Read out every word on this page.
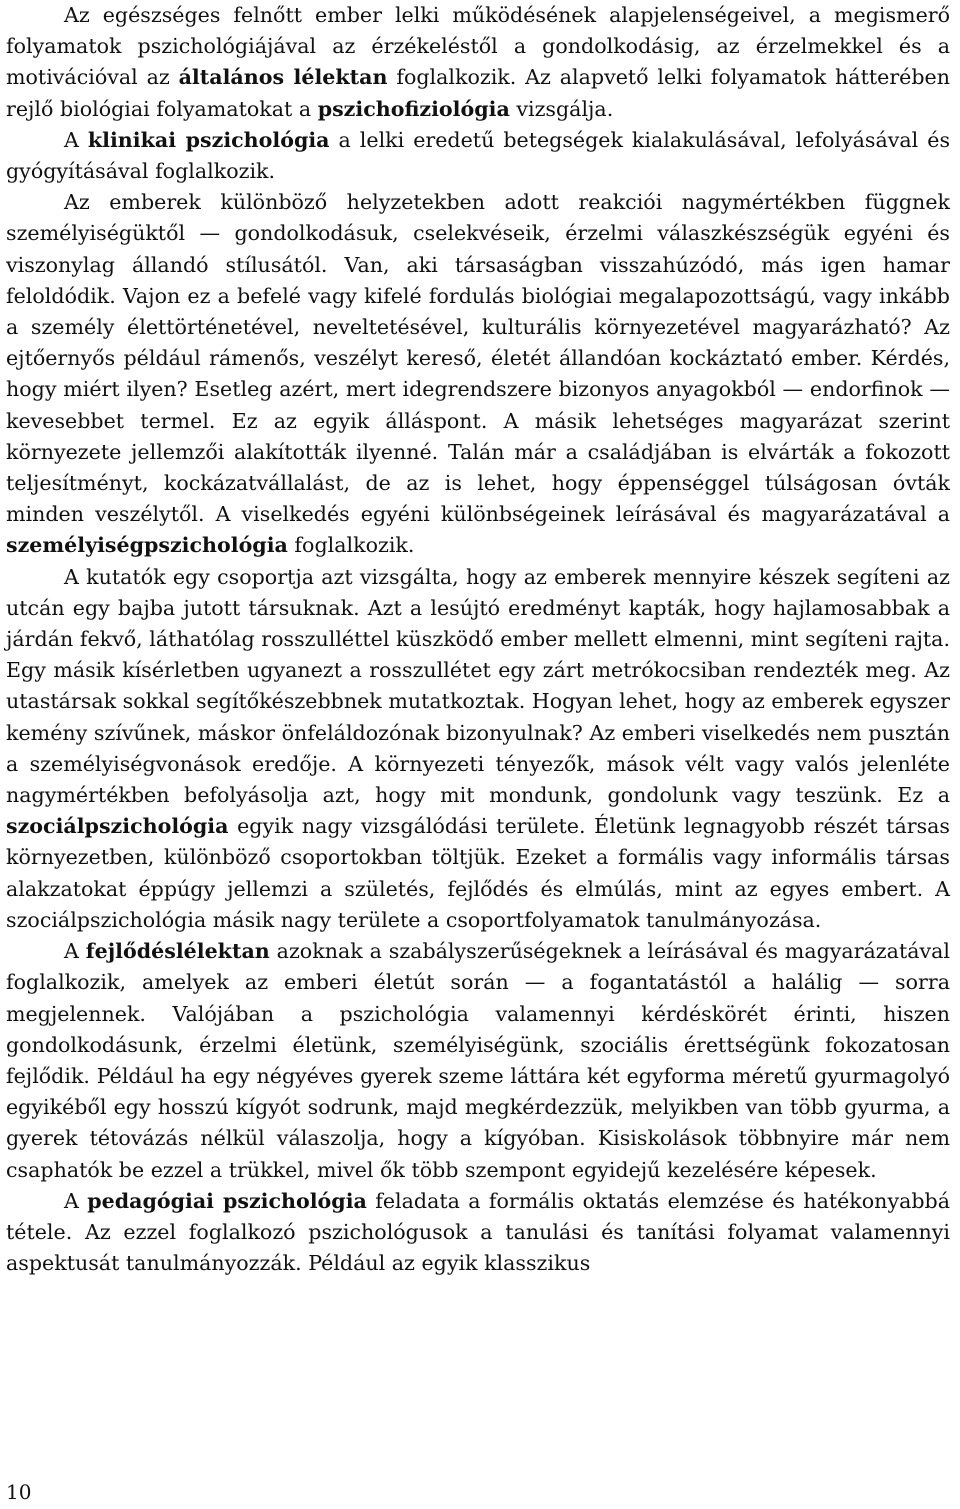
Az egészséges felnőtt ember lelki működésének alapjelenségeivel, a megismerő folyamatok pszichológiájával az érzékeléstől a gondolkodásig, az érzelmekkel és a motivációval az általános lélektan foglalkozik. Az alapvető lelki folyamatok hátterében rejlő biológiai folyamatokat a pszichofiziológia vizsgálja.

A klinikai pszichológia a lelki eredetű betegségek kialakulásával, lefolyásával és gyógyításával foglalkozik.

Az emberek különböző helyzetekben adott reakciói nagymértékben függnek személyiségüktől — gondolkodásuk, cselekvéseik, érzelmi válaszkészségük egyéni és viszonylag állandó stílusától. Van, aki társaságban visszahúzódó, más igen hamar feloldódik. Vajon ez a befelé vagy kifelé fordulás biológiai megalapozottságú, vagy inkább a személy élettörténetével, neveltetésével, kulturális környezetével magyarázható? Az ejtőernyős például rámenős, veszélyt kereső, életét állandóan kockáztató ember. Kérdés, hogy miért ilyen? Esetleg azért, mert idegrendszere bizonyos anyagokból — endorfinok — kevesebbet termel. Ez az egyik álláspont. A másik lehetséges magyarázat szerint környezete jellemzői alakították ilyenné. Talán már a családjában is elvárták a fokozott teljesítményt, kockázatvállalást, de az is lehet, hogy éppenséggel túlságosan óvták minden veszélytől. A viselkedés egyéni különbségeinek leírásával és magyarázatával a személyiségpszichológia foglalkozik.

A kutatók egy csoportja azt vizsgálta, hogy az emberek mennyire készek segíteni az utcán egy bajba jutott társuknak. Azt a lesújtó eredményt kapták, hogy hajlamosabbak a járdán fekvő, láthatólag rosszulléttel küszködő ember mellett elmenni, mint segíteni rajta. Egy másik kísérletben ugyanezt a rosszullétet egy zárt metrókocsiban rendezték meg. Az utastársak sokkal segítőkészebbnek mutatkoztak. Hogyan lehet, hogy az emberek egyszer kemény szívűnek, máskor önfeláldozónak bizonyulnak? Az emberi viselkedés nem pusztán a személyiségvonások eredője. A környezeti tényezők, mások vélt vagy valós jelenléte nagymértékben befolyásolja azt, hogy mit mondunk, gondolunk vagy teszünk. Ez a szociálpszichológia egyik nagy vizsgálódási területe. Életünk legnagyobb részét társas környezetben, különböző csoportokban töltjük. Ezeket a formális vagy informális társas alakzatokat éppúgy jellemzi a születés, fejlődés és elmúlás, mint az egyes embert. A szociálpszichológia másik nagy területe a csoportfolyamatok tanulmányozása.

A fejlődéslélektan azoknak a szabályszerűségeknek a leírásával és magyarázatával foglalkozik, amelyek az emberi életút során — a fogantatástól a halálig — sorra megjelennek. Valójában a pszichológia valamennyi kérdéskörét érinti, hiszen gondolkodásunk, érzelmi életünk, személyiségünk, szociális érettségünk fokozatosan fejlődik. Például ha egy négyéves gyerek szeme láttára két egyforma méretű gyurmagolyó egyikéből egy hosszú kígyót sodrunk, majd megkérdezzük, melyikben van több gyurma, a gyerek tétovázás nélkül válaszolja, hogy a kígyóban. Kisiskolások többnyire már nem csaphatók be ezzel a trükkel, mivel ők több szempont egyidejű kezelésére képesek.

A pedagógiai pszichológia feladata a formális oktatás elemzése és hatékonyabbá tétele. Az ezzel foglalkozó pszichológusok a tanulási és tanítási folyamat valamennyi aspektusát tanulmányozzák. Például az egyik klasszikus

10
